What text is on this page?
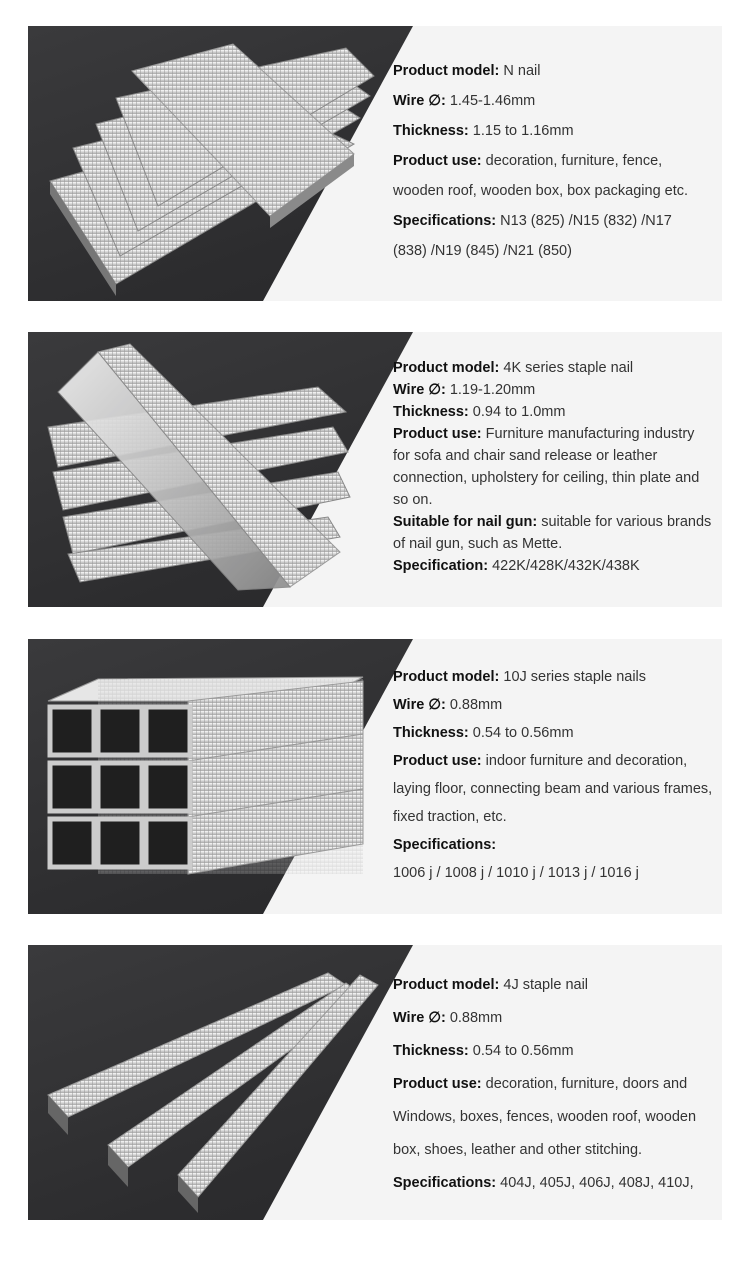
Product model: N nail
Wire ∅: 1.45-1.46mm
Thickness: 1.15 to 1.16mm
Product use: decoration, furniture, fence,
wooden roof, wooden box, box packaging etc.
Specifications: N13 (825) /N15 (832) /N17
(838) /N19 (845) /N21 (850)
Product model: 4K series staple nail
Wire ∅: 1.19-1.20mm
Thickness: 0.94 to 1.0mm
Product use: Furniture manufacturing industry
for sofa and chair sand release or leather
connection, upholstery for ceiling, thin plate and
so on.
Suitable for nail gun: suitable for various brands
of nail gun, such as Mette.
Specification: 422K/428K/432K/438K
Product model: 10J series staple nails
Wire ∅: 0.88mm
Thickness: 0.54 to 0.56mm
Product use: indoor furniture and decoration,
laying floor, connecting beam and various frames,
fixed traction, etc.
Specifications:
1006 j / 1008 j / 1010 j / 1013 j / 1016 j
Product model: 4J staple nail
Wire ∅: 0.88mm
Thickness: 0.54 to 0.56mm
Product use: decoration, furniture, doors and
Windows, boxes, fences, wooden roof, wooden
box, shoes, leather and other stitching.
Specifications: 404J, 405J, 406J, 408J, 410J,
